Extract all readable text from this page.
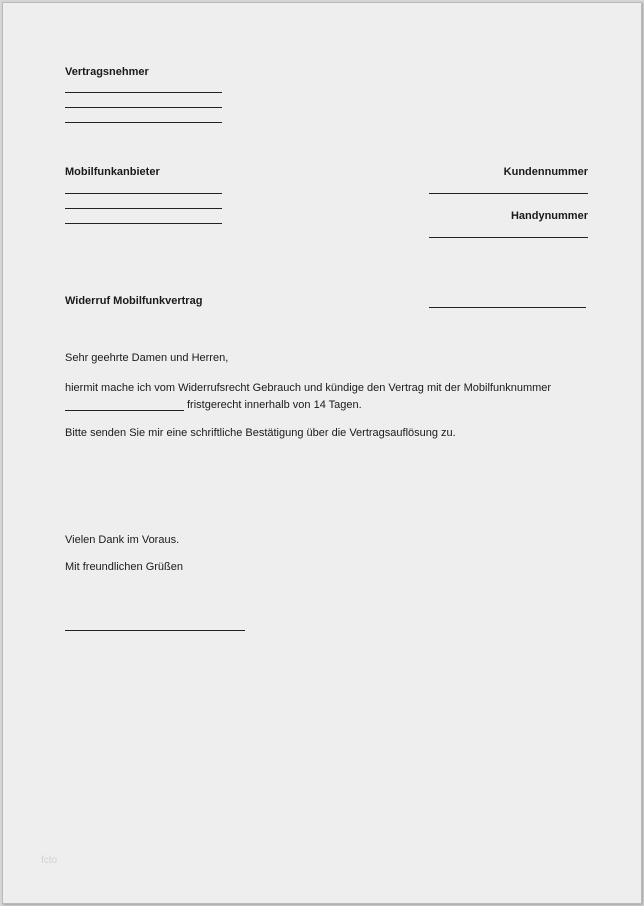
Vertragsnehmer
Mobilfunkanbieter	Kundennummer
Handynummer
Widerruf Mobilfunkvertrag
Sehr geehrte Damen und Herren,
hiermit mache ich vom Widerrufsrecht Gebrauch und kündige den Vertrag mit der Mobilfunknummer
fristgerecht innerhalb von 14 Tagen.
Bitte senden Sie mir eine schriftliche Bestätigung über die Vertragsauflösung zu.
Vielen Dank im Voraus.
Mit freundlichen Grüßen
fcto
